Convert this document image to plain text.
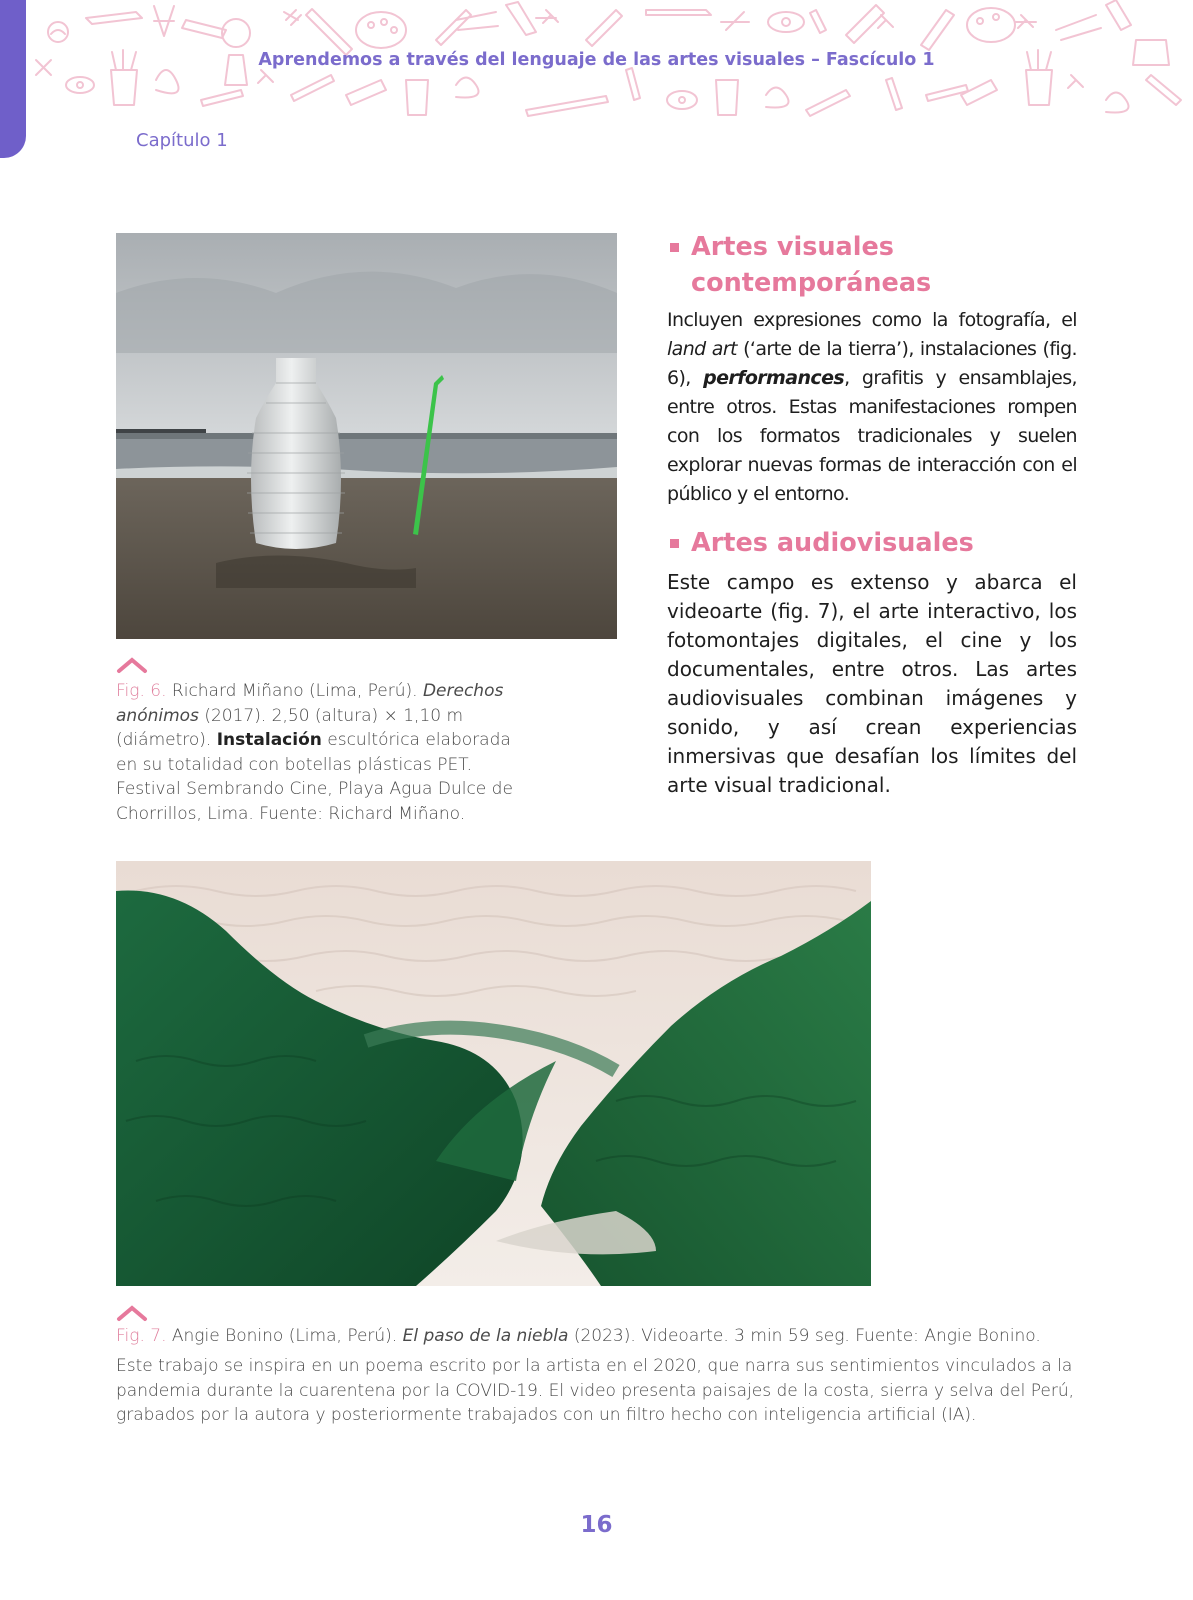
Aprendemos a través del lenguaje de las artes visuales – Fascículo 1
Capítulo 1
Fig. 6. Richard Miñano (Lima, Perú). Derechos anónimos (2017). 2,50 (altura) × 1,10 m (diámetro). Instalación escultórica elaborada en su totalidad con botellas plásticas PET. Festival Sembrando Cine, Playa Agua Dulce de Chorrillos, Lima. Fuente: Richard Miñano.
Artes visuales
contemporáneas
Incluyen expresiones como la fotografía, el land art (‘arte de la tierra’), instalaciones (fig. 6), performances, grafitis y ensamblajes, entre otros. Estas manifestaciones rompen con los formatos tradicionales y suelen explorar nuevas formas de interacción con el público y el entorno.
Artes audiovisuales
Este campo es extenso y abarca el videoarte (fig. 7), el arte interactivo, los fotomontajes digitales, el cine y los documentales, entre otros. Las artes audiovisuales combinan imágenes y sonido, y así crean experiencias inmersivas que desafían los límites del arte visual tradicional.
Fig. 7. Angie Bonino (Lima, Perú). El paso de la niebla (2023). Videoarte. 3 min 59 seg. Fuente: Angie Bonino.
Este trabajo se inspira en un poema escrito por la artista en el 2020, que narra sus sentimientos vinculados a la pandemia durante la cuarentena por la COVID-19. El video presenta paisajes de la costa, sierra y selva del Perú, grabados por la autora y posteriormente trabajados con un filtro hecho con inteligencia artificial (IA).
16
